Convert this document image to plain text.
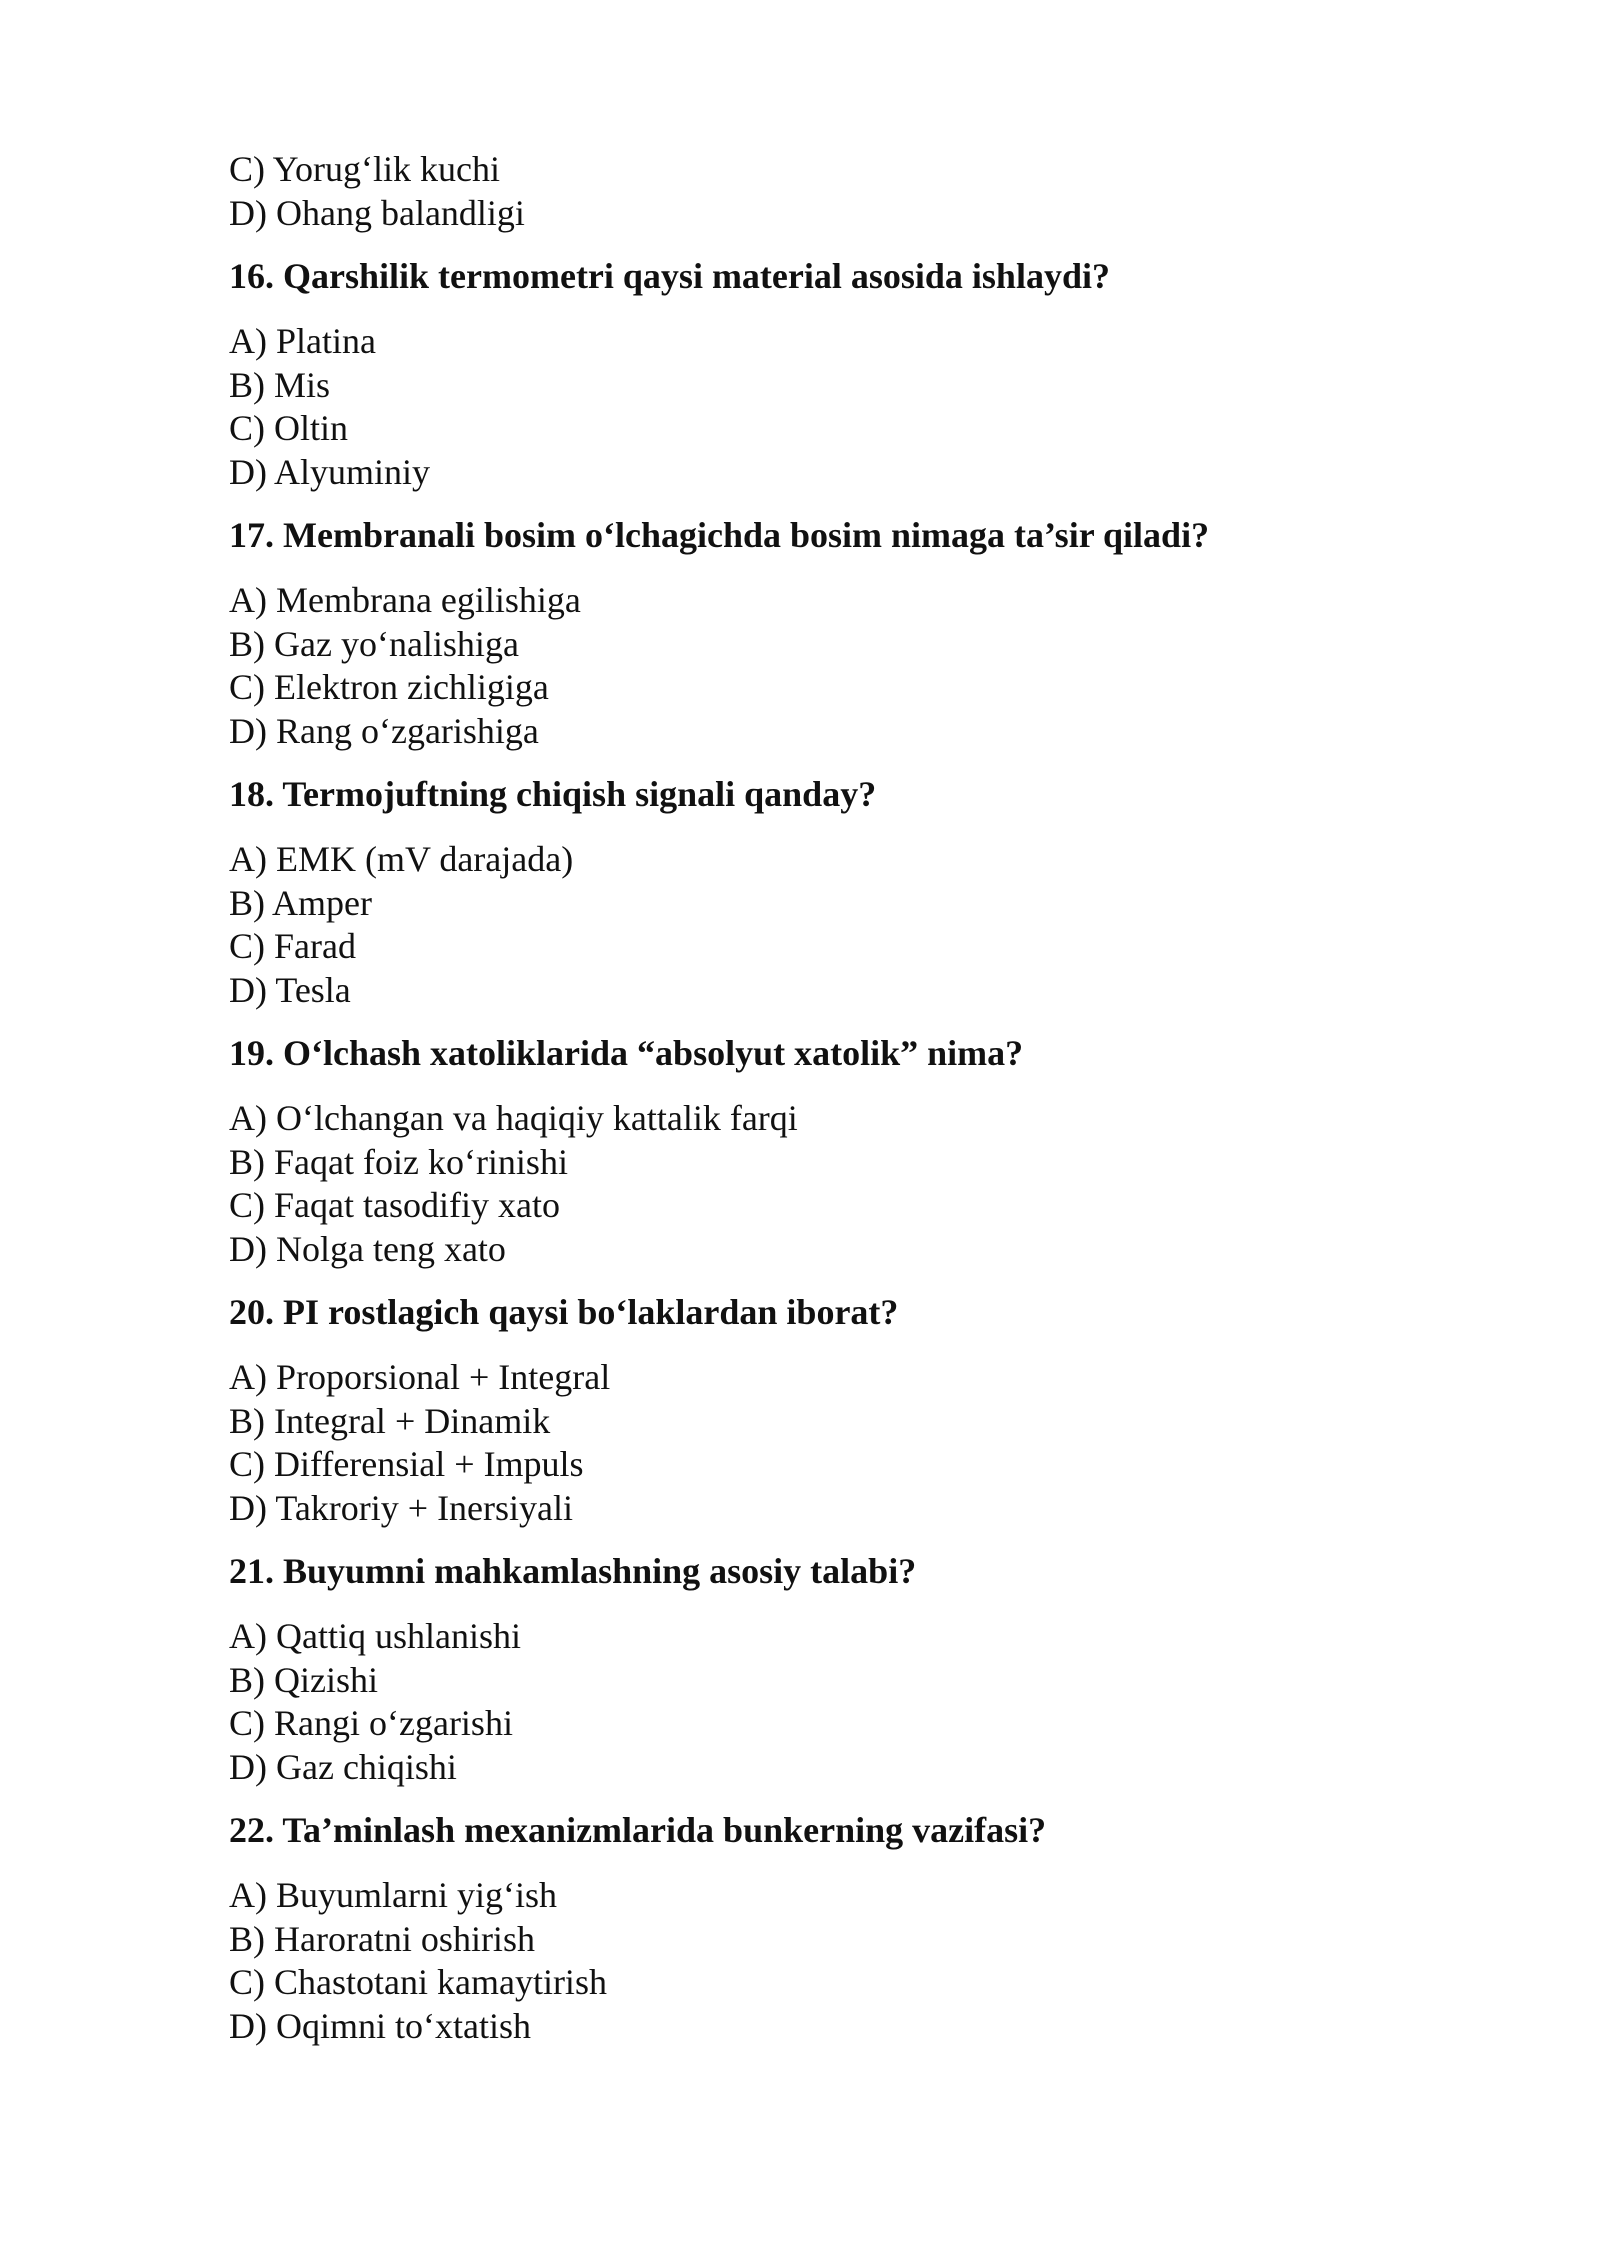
C) Yorug‘lik kuchi
D) Ohang balandligi
16. Qarshilik termometri qaysi material asosida ishlaydi?
A) Platina
B) Mis
C) Oltin
D) Alyuminiy
17. Membranali bosim o‘lchagichda bosim nimaga ta’sir qiladi?
A) Membrana egilishiga
B) Gaz yo‘nalishiga
C) Elektron zichligiga
D) Rang o‘zgarishiga
18. Termojuftning chiqish signali qanday?
A) EMK (mV darajada)
B) Amper
C) Farad
D) Tesla
19. O‘lchash xatoliklarida “absolyut xatolik” nima?
A) O‘lchangan va haqiqiy kattalik farqi
B) Faqat foiz ko‘rinishi
C) Faqat tasodifiy xato
D) Nolga teng xato
20. PI rostlagich qaysi bo‘laklardan iborat?
A) Proporsional + Integral
B) Integral + Dinamik
C) Differensial + Impuls
D) Takroriy + Inersiyali
21. Buyumni mahkamlashning asosiy talabi?
A) Qattiq ushlanishi
B) Qizishi
C) Rangi o‘zgarishi
D) Gaz chiqishi
22. Ta’minlash mexanizmlarida bunkerning vazifasi?
A) Buyumlarni yig‘ish
B) Haroratni oshirish
C) Chastotani kamaytirish
D) Oqimni to‘xtatish
